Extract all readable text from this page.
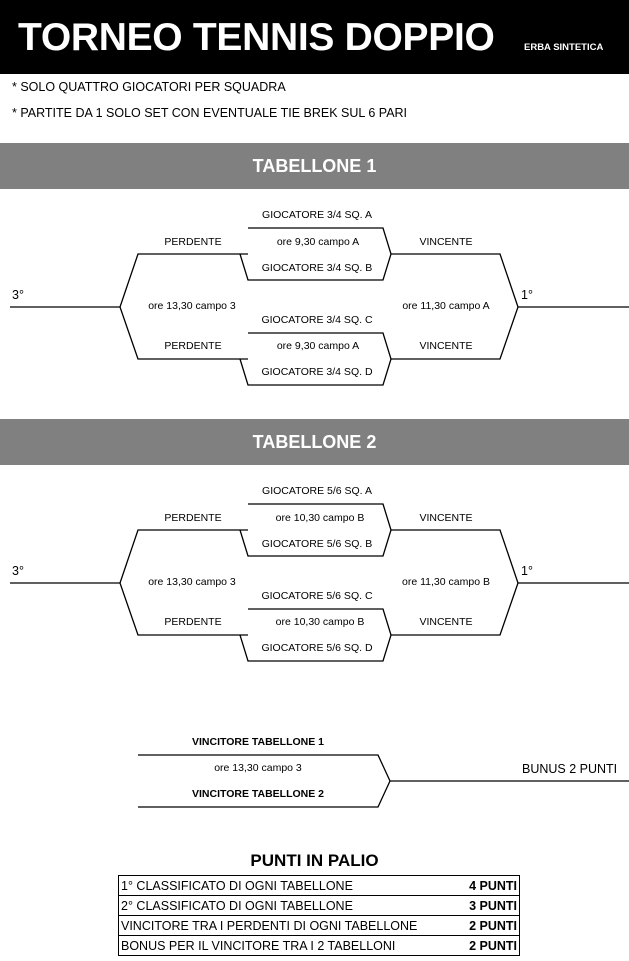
TORNEO TENNIS DOPPIO	ERBA SINTETICA
* SOLO QUATTRO GIOCATORI PER SQUADRA
* PARTITE DA 1 SOLO SET CON EVENTUALE TIE BREK SUL 6 PARI
TABELLONE 1
GIOCATORE 3/4 SQ. A
ore 9,30 campo A
GIOCATORE 3/4 SQ. B
GIOCATORE 3/4 SQ. C
ore 9,30 campo A
GIOCATORE 3/4 SQ. D
PERDENTE
PERDENTE
VINCENTE
VINCENTE
ore 13,30 campo 3	ore 11,30 campo A
3°	1°
TABELLONE 2
GIOCATORE 5/6 SQ. A
ore 10,30 campo B
GIOCATORE 5/6 SQ. B
GIOCATORE 5/6 SQ. C
ore 10,30 campo B
GIOCATORE 5/6 SQ. D
PERDENTE
PERDENTE
VINCENTE
VINCENTE
ore 13,30 campo 3	ore 11,30 campo B
3°	1°
VINCITORE TABELLONE 1
ore 13,30 campo 3
VINCITORE TABELLONE 2
BUNUS 2 PUNTI
PUNTI IN PALIO
1° CLASSIFICATO DI OGNI TABELLONE	4 PUNTI
2° CLASSIFICATO DI OGNI TABELLONE	3 PUNTI
VINCITORE TRA I PERDENTI DI OGNI TABELLONE	2 PUNTI
BONUS PER IL VINCITORE TRA I 2 TABELLONI	2 PUNTI
